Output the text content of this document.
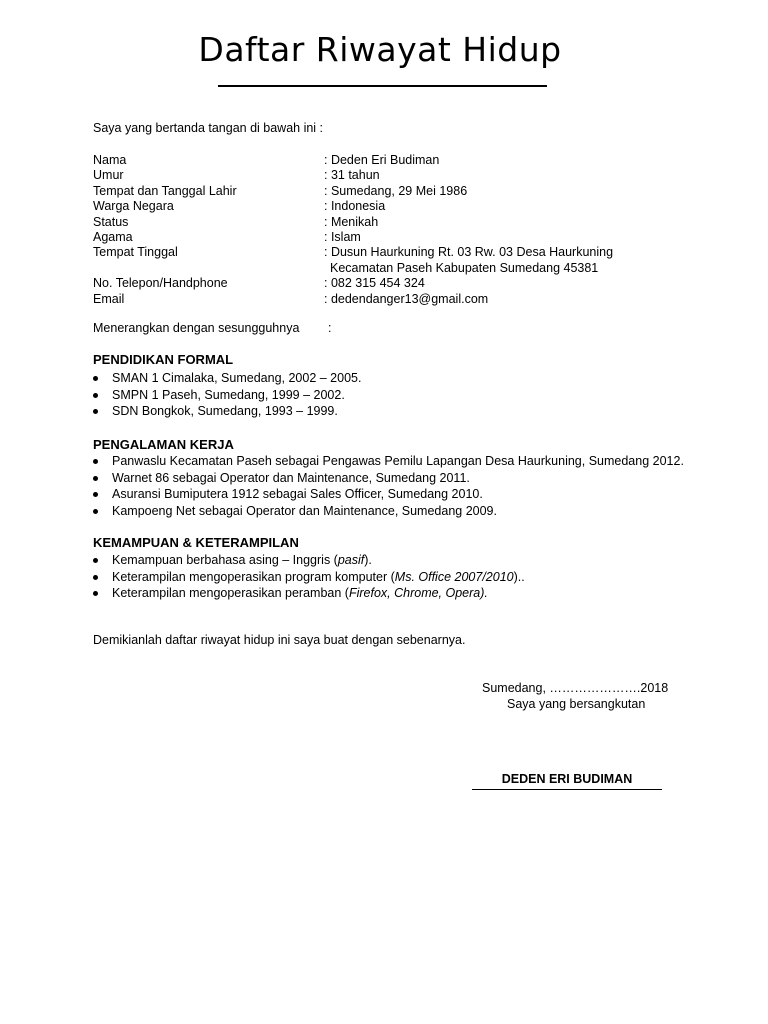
Daftar Riwayat Hidup
Saya yang bertanda tangan di bawah ini :
Nama	: Deden Eri Budiman
Umur	: 31 tahun
Tempat dan Tanggal Lahir	: Sumedang, 29 Mei 1986
Warga Negara	: Indonesia
Status	: Menikah
Agama	: Islam
Tempat Tinggal	: Dusun Haurkuning Rt. 03 Rw. 03 Desa Haurkuning
Kecamatan Paseh Kabupaten Sumedang 45381
No. Telepon/Handphone	: 082 315 454 324
Email	: dedendanger13@gmail.com
Menerangkan dengan sesungguhnya	:
PENDIDIKAN FORMAL
SMAN 1 Cimalaka, Sumedang, 2002 – 2005.
SMPN 1 Paseh, Sumedang, 1999 – 2002.
SDN Bongkok, Sumedang, 1993 – 1999.
PENGALAMAN KERJA
Panwaslu Kecamatan Paseh sebagai Pengawas Pemilu Lapangan Desa Haurkuning, Sumedang 2012.
Warnet 86 sebagai Operator dan Maintenance, Sumedang 2011.
Asuransi Bumiputera 1912 sebagai Sales Officer, Sumedang 2010.
Kampoeng Net sebagai Operator dan Maintenance, Sumedang 2009.
KEMAMPUAN & KETERAMPILAN
Kemampuan berbahasa asing – Inggris (pasif).
Keterampilan mengoperasikan program komputer (Ms. Office 2007/2010)..
Keterampilan mengoperasikan peramban (Firefox, Chrome, Opera).
Demikianlah daftar riwayat hidup ini saya buat dengan sebenarnya.
Sumedang, ………………….2018
Saya yang bersangkutan
DEDEN ERI BUDIMAN
